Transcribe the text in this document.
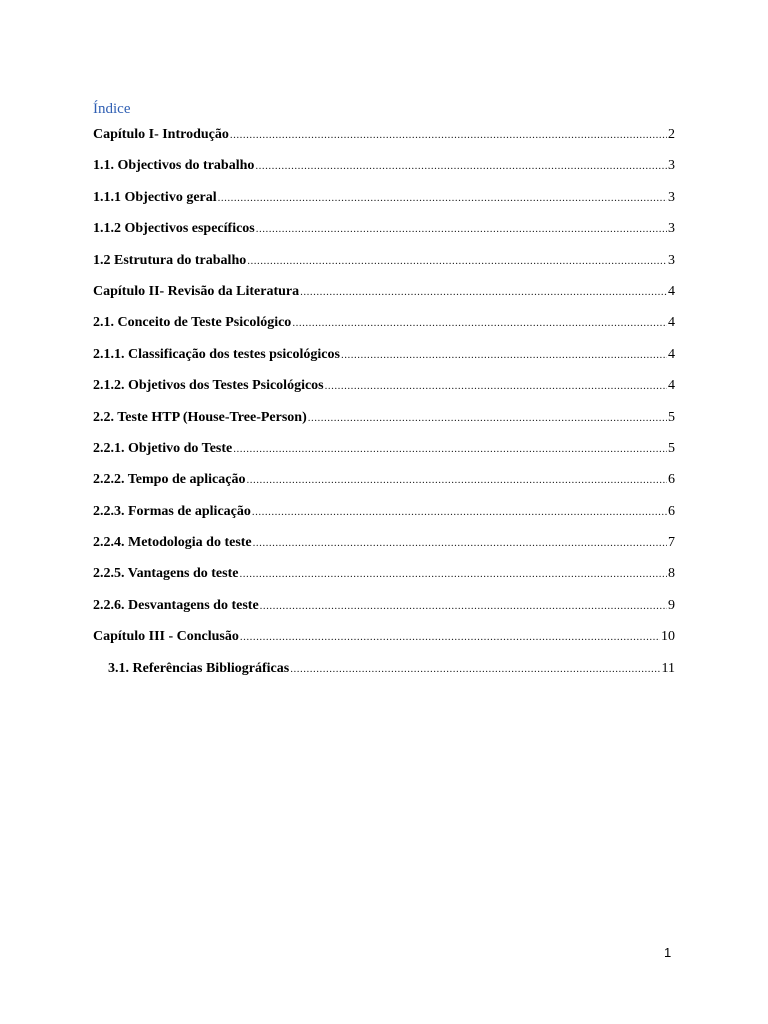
Índice
Capítulo I- Introdução .....	2
1.1. Objectivos do trabalho .....	3
1.1.1 Objectivo geral .....	3
1.1.2 Objectivos específicos .....	3
1.2 Estrutura do trabalho .....	3
Capítulo II- Revisão da Literatura .....	4
2.1. Conceito de Teste Psicológico .....	4
2.1.1. Classificação dos testes psicológicos .....	4
2.1.2. Objetivos dos Testes Psicológicos .....	4
2.2. Teste HTP (House-Tree-Person) .....	5
2.2.1. Objetivo do Teste .....	5
2.2.2. Tempo de aplicação .....	6
2.2.3. Formas de aplicação .....	6
2.2.4. Metodologia do teste .....	7
2.2.5. Vantagens do teste .....	8
2.2.6. Desvantagens do teste .....	9
Capítulo III - Conclusão .....	10
3.1. Referências Bibliográficas .....	11
1
